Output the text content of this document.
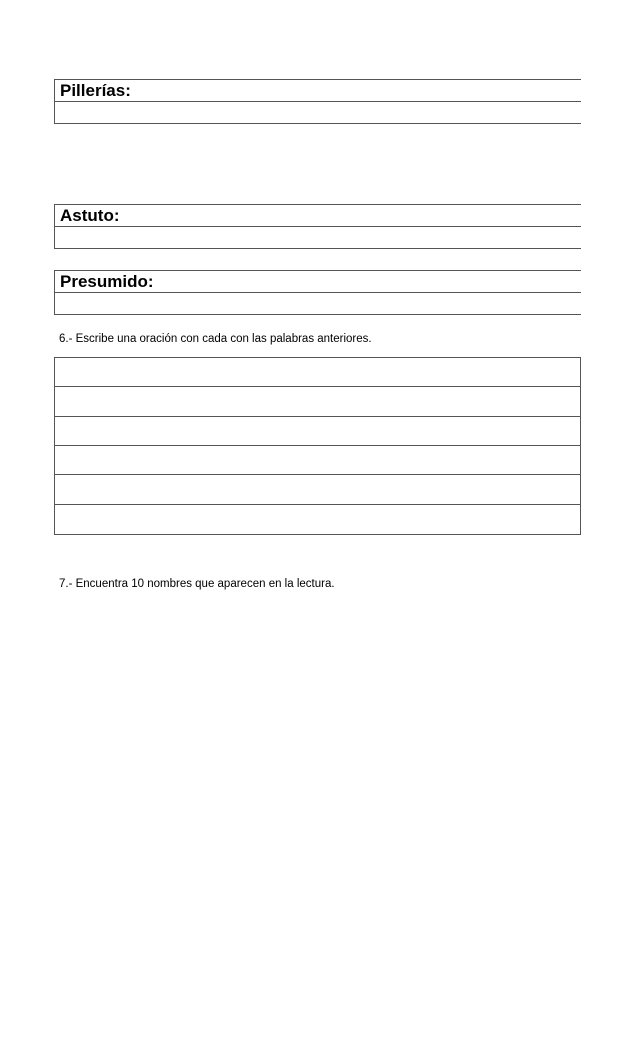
Pillerías:
Astuto:
Presumido:
6.- Escribe una oración con cada con las palabras anteriores.
7.- Encuentra 10 nombres que aparecen en la lectura.
